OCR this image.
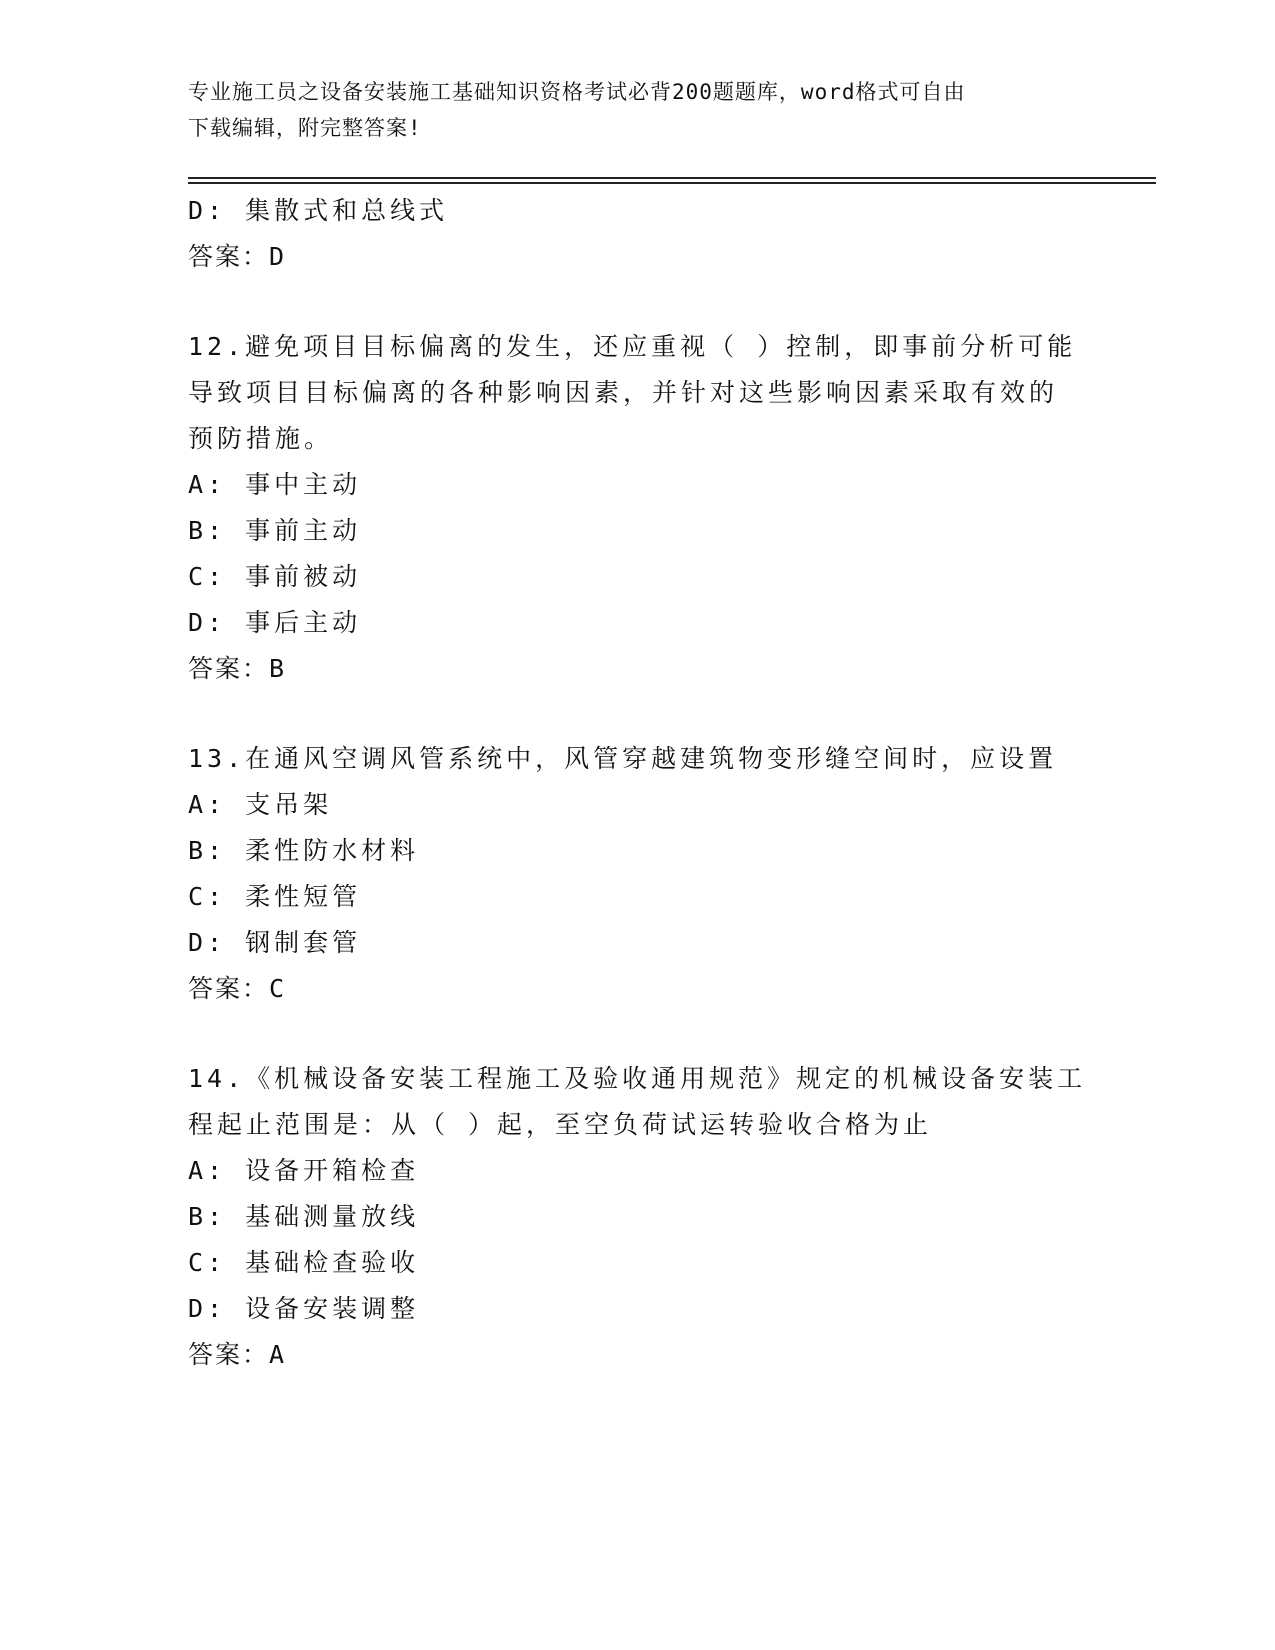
专业施工员之设备安装施工基础知识资格考试必背200题题库，word格式可自由
下载编辑，附完整答案!
D: 集散式和总线式
答案：D
12.避免项目目标偏离的发生，还应重视（ ）控制，即事前分析可能
导致项目目标偏离的各种影响因素，并针对这些影响因素采取有效的
预防措施。
A: 事中主动
B: 事前主动
C: 事前被动
D: 事后主动
答案：B
13.在通风空调风管系统中，风管穿越建筑物变形缝空间时，应设置
A: 支吊架
B: 柔性防水材料
C: 柔性短管
D: 钢制套管
答案：C
14.《机械设备安装工程施工及验收通用规范》规定的机械设备安装工
程起止范围是：从（ ）起，至空负荷试运转验收合格为止
A: 设备开箱检查
B: 基础测量放线
C: 基础检查验收
D: 设备安装调整
答案：A
